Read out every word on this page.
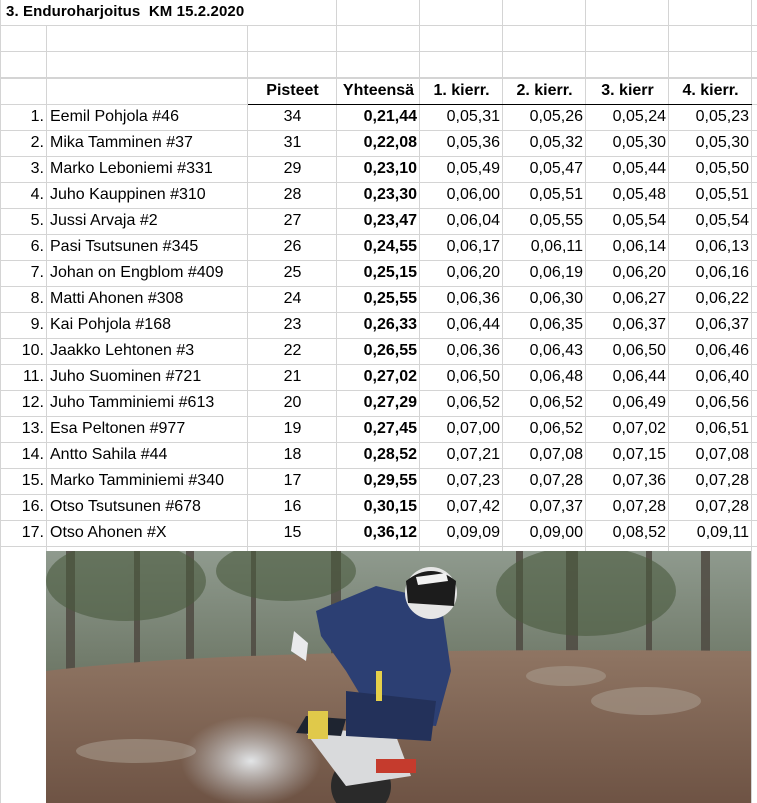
3. Enduroharjoitus  KM 15.2.2020
		Pisteet	Yhteensä	1. kierr.	2. kierr.	3. kierr	4. kierr.
1.	Eemil Pohjola #46	34	0,21,44	0,05,31	0,05,26	0,05,24	0,05,23
2.	Mika Tamminen #37	31	0,22,08	0,05,36	0,05,32	0,05,30	0,05,30
3.	Marko Leboniemi #331	29	0,23,10	0,05,49	0,05,47	0,05,44	0,05,50
4.	Juho Kauppinen #310	28	0,23,30	0,06,00	0,05,51	0,05,48	0,05,51
5.	Jussi Arvaja #2	27	0,23,47	0,06,04	0,05,55	0,05,54	0,05,54
6.	Pasi Tsutsunen #345	26	0,24,55	0,06,17	0,06,11	0,06,14	0,06,13
7.	Johan on Engblom #409	25	0,25,15	0,06,20	0,06,19	0,06,20	0,06,16
8.	Matti Ahonen #308	24	0,25,55	0,06,36	0,06,30	0,06,27	0,06,22
9.	Kai Pohjola #168	23	0,26,33	0,06,44	0,06,35	0,06,37	0,06,37
10.	Jaakko Lehtonen #3	22	0,26,55	0,06,36	0,06,43	0,06,50	0,06,46
11.	Juho Suominen #721	21	0,27,02	0,06,50	0,06,48	0,06,44	0,06,40
12.	Juho Tamminiemi #613	20	0,27,29	0,06,52	0,06,52	0,06,49	0,06,56
13.	Esa Peltonen #977	19	0,27,45	0,07,00	0,06,52	0,07,02	0,06,51
14.	Antto Sahila #44	18	0,28,52	0,07,21	0,07,08	0,07,15	0,07,08
15.	Marko Tamminiemi #340	17	0,29,55	0,07,23	0,07,28	0,07,36	0,07,28
16.	Otso Tsutsunen #678	16	0,30,15	0,07,42	0,07,37	0,07,28	0,07,28
17.	Otso Ahonen #X	15	0,36,12	0,09,09	0,09,00	0,08,52	0,09,11
